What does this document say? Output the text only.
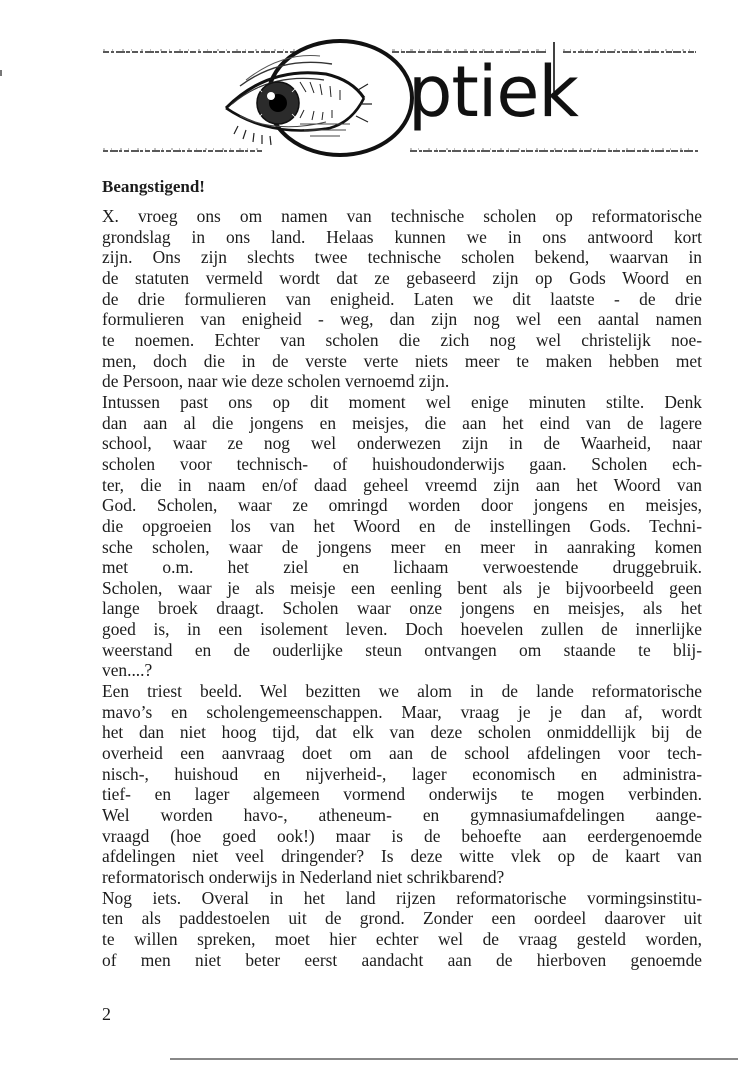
ptiek
Beangstigend!
X. vroeg ons om namen van technische scholen op reformatorische
grondslag in ons land. Helaas kunnen we in ons antwoord kort
zijn. Ons zijn slechts twee technische scholen bekend, waarvan in
de statuten vermeld wordt dat ze gebaseerd zijn op Gods Woord en
de drie formulieren van enigheid. Laten we dit laatste - de drie
formulieren van enigheid - weg, dan zijn nog wel een aantal namen
te noemen. Echter van scholen die zich nog wel christelijk noe-
men, doch die in de verste verte niets meer te maken hebben met
de Persoon, naar wie deze scholen vernoemd zijn.
Intussen past ons op dit moment wel enige minuten stilte. Denk
dan aan al die jongens en meisjes, die aan het eind van de lagere
school, waar ze nog wel onderwezen zijn in de Waarheid, naar
scholen voor technisch- of huishoudonderwijs gaan. Scholen ech-
ter, die in naam en/of daad geheel vreemd zijn aan het Woord van
God. Scholen, waar ze omringd worden door jongens en meisjes,
die opgroeien los van het Woord en de instellingen Gods. Techni-
sche scholen, waar de jongens meer en meer in aanraking komen
met o.m. het ziel en lichaam verwoestende druggebruik.
Scholen, waar je als meisje een eenling bent als je bijvoorbeeld geen
lange broek draagt. Scholen waar onze jongens en meisjes, als het
goed is, in een isolement leven. Doch hoevelen zullen de innerlijke
weerstand en de ouderlijke steun ontvangen om staande te blij-
ven....?
Een triest beeld. Wel bezitten we alom in de lande reformatorische
mavo’s en scholengemeenschappen. Maar, vraag je je dan af, wordt
het dan niet hoog tijd, dat elk van deze scholen onmiddellijk bij de
overheid een aanvraag doet om aan de school afdelingen voor tech-
nisch-, huishoud en nijverheid-, lager economisch en administra-
tief- en lager algemeen vormend onderwijs te mogen verbinden.
Wel worden havo-, atheneum- en gymnasiumafdelingen aange-
vraagd (hoe goed ook!) maar is de behoefte aan eerdergenoemde
afdelingen niet veel dringender? Is deze witte vlek op de kaart van
reformatorisch onderwijs in Nederland niet schrikbarend?
Nog iets. Overal in het land rijzen reformatorische vormingsinstitu-
ten als paddestoelen uit de grond. Zonder een oordeel daarover uit
te willen spreken, moet hier echter wel de vraag gesteld worden,
of men niet beter eerst aandacht aan de hierboven genoemde
2
